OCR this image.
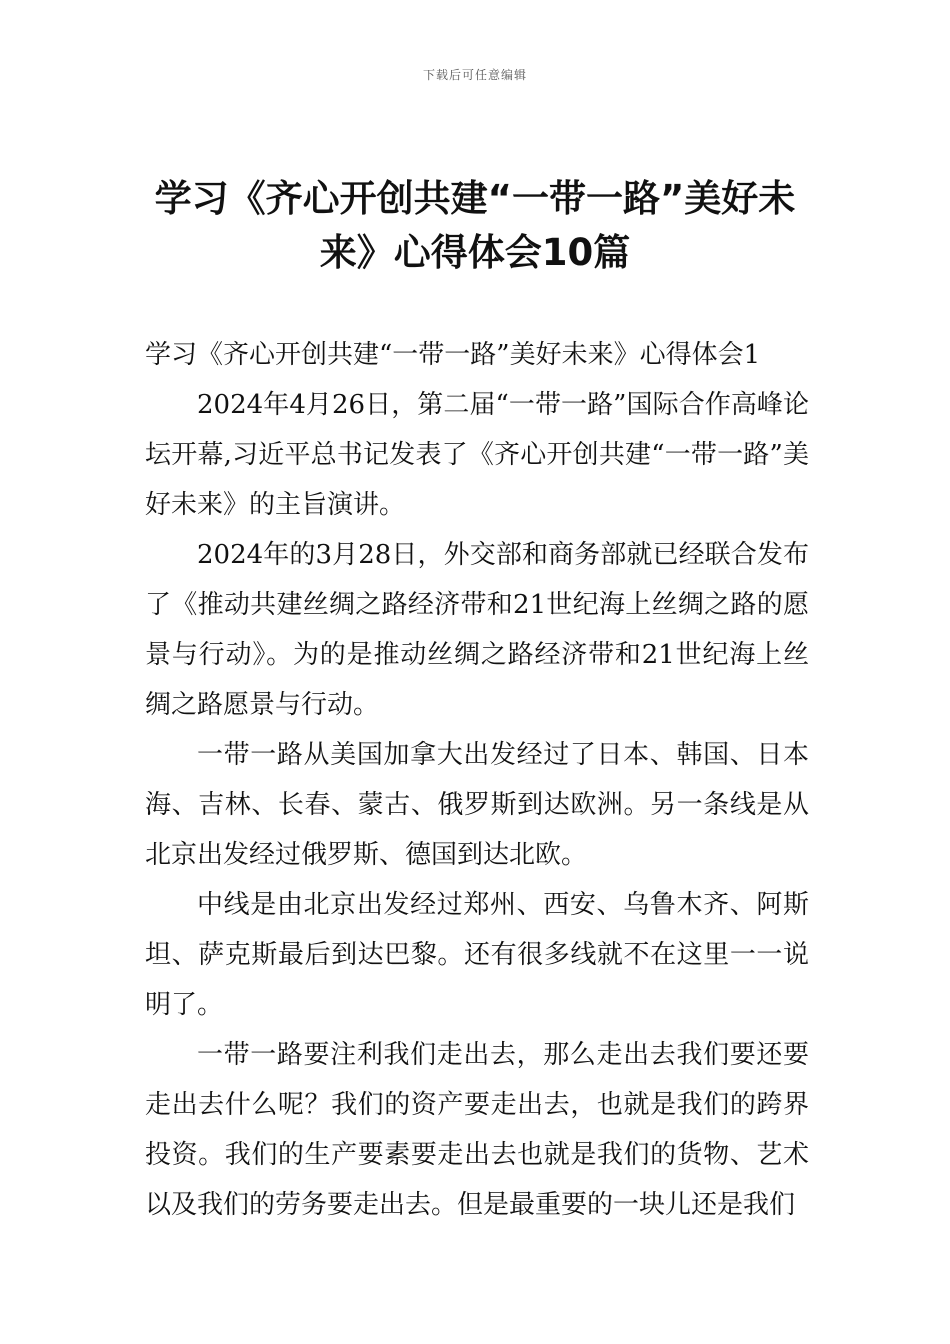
下载后可任意编辑
学习《齐心开创共建“一带一路”美好未来》心得体会10篇

学习《齐心开创共建“一带一路”美好未来》心得体会1

2024年4月26日，第二届“一带一路”国际合作高峰论坛开幕,习近平总书记发表了《齐心开创共建“一带一路”美好未来》的主旨演讲。

2024年的3月28日，外交部和商务部就已经联合发布了《推动共建丝绸之路经济带和21世纪海上丝绸之路的愿景与行动》。为的是推动丝绸之路经济带和21世纪海上丝绸之路愿景与行动。

一带一路从美国加拿大出发经过了日本、韩国、日本海、吉林、长春、蒙古、俄罗斯到达欧洲。另一条线是从北京出发经过俄罗斯、德国到达北欧。

中线是由北京出发经过郑州、西安、乌鲁木齐、阿斯坦、萨克斯最后到达巴黎。还有很多线就不在这里一一说明了。

一带一路要注利我们走出去，那么走出去我们要还要走出去什么呢？我们的资产要走出去，也就是我们的跨界投资。我们的生产要素要走出去也就是我们的货物、艺术以及我们的劳务要走出去。但是最重要的一块儿还是我们
